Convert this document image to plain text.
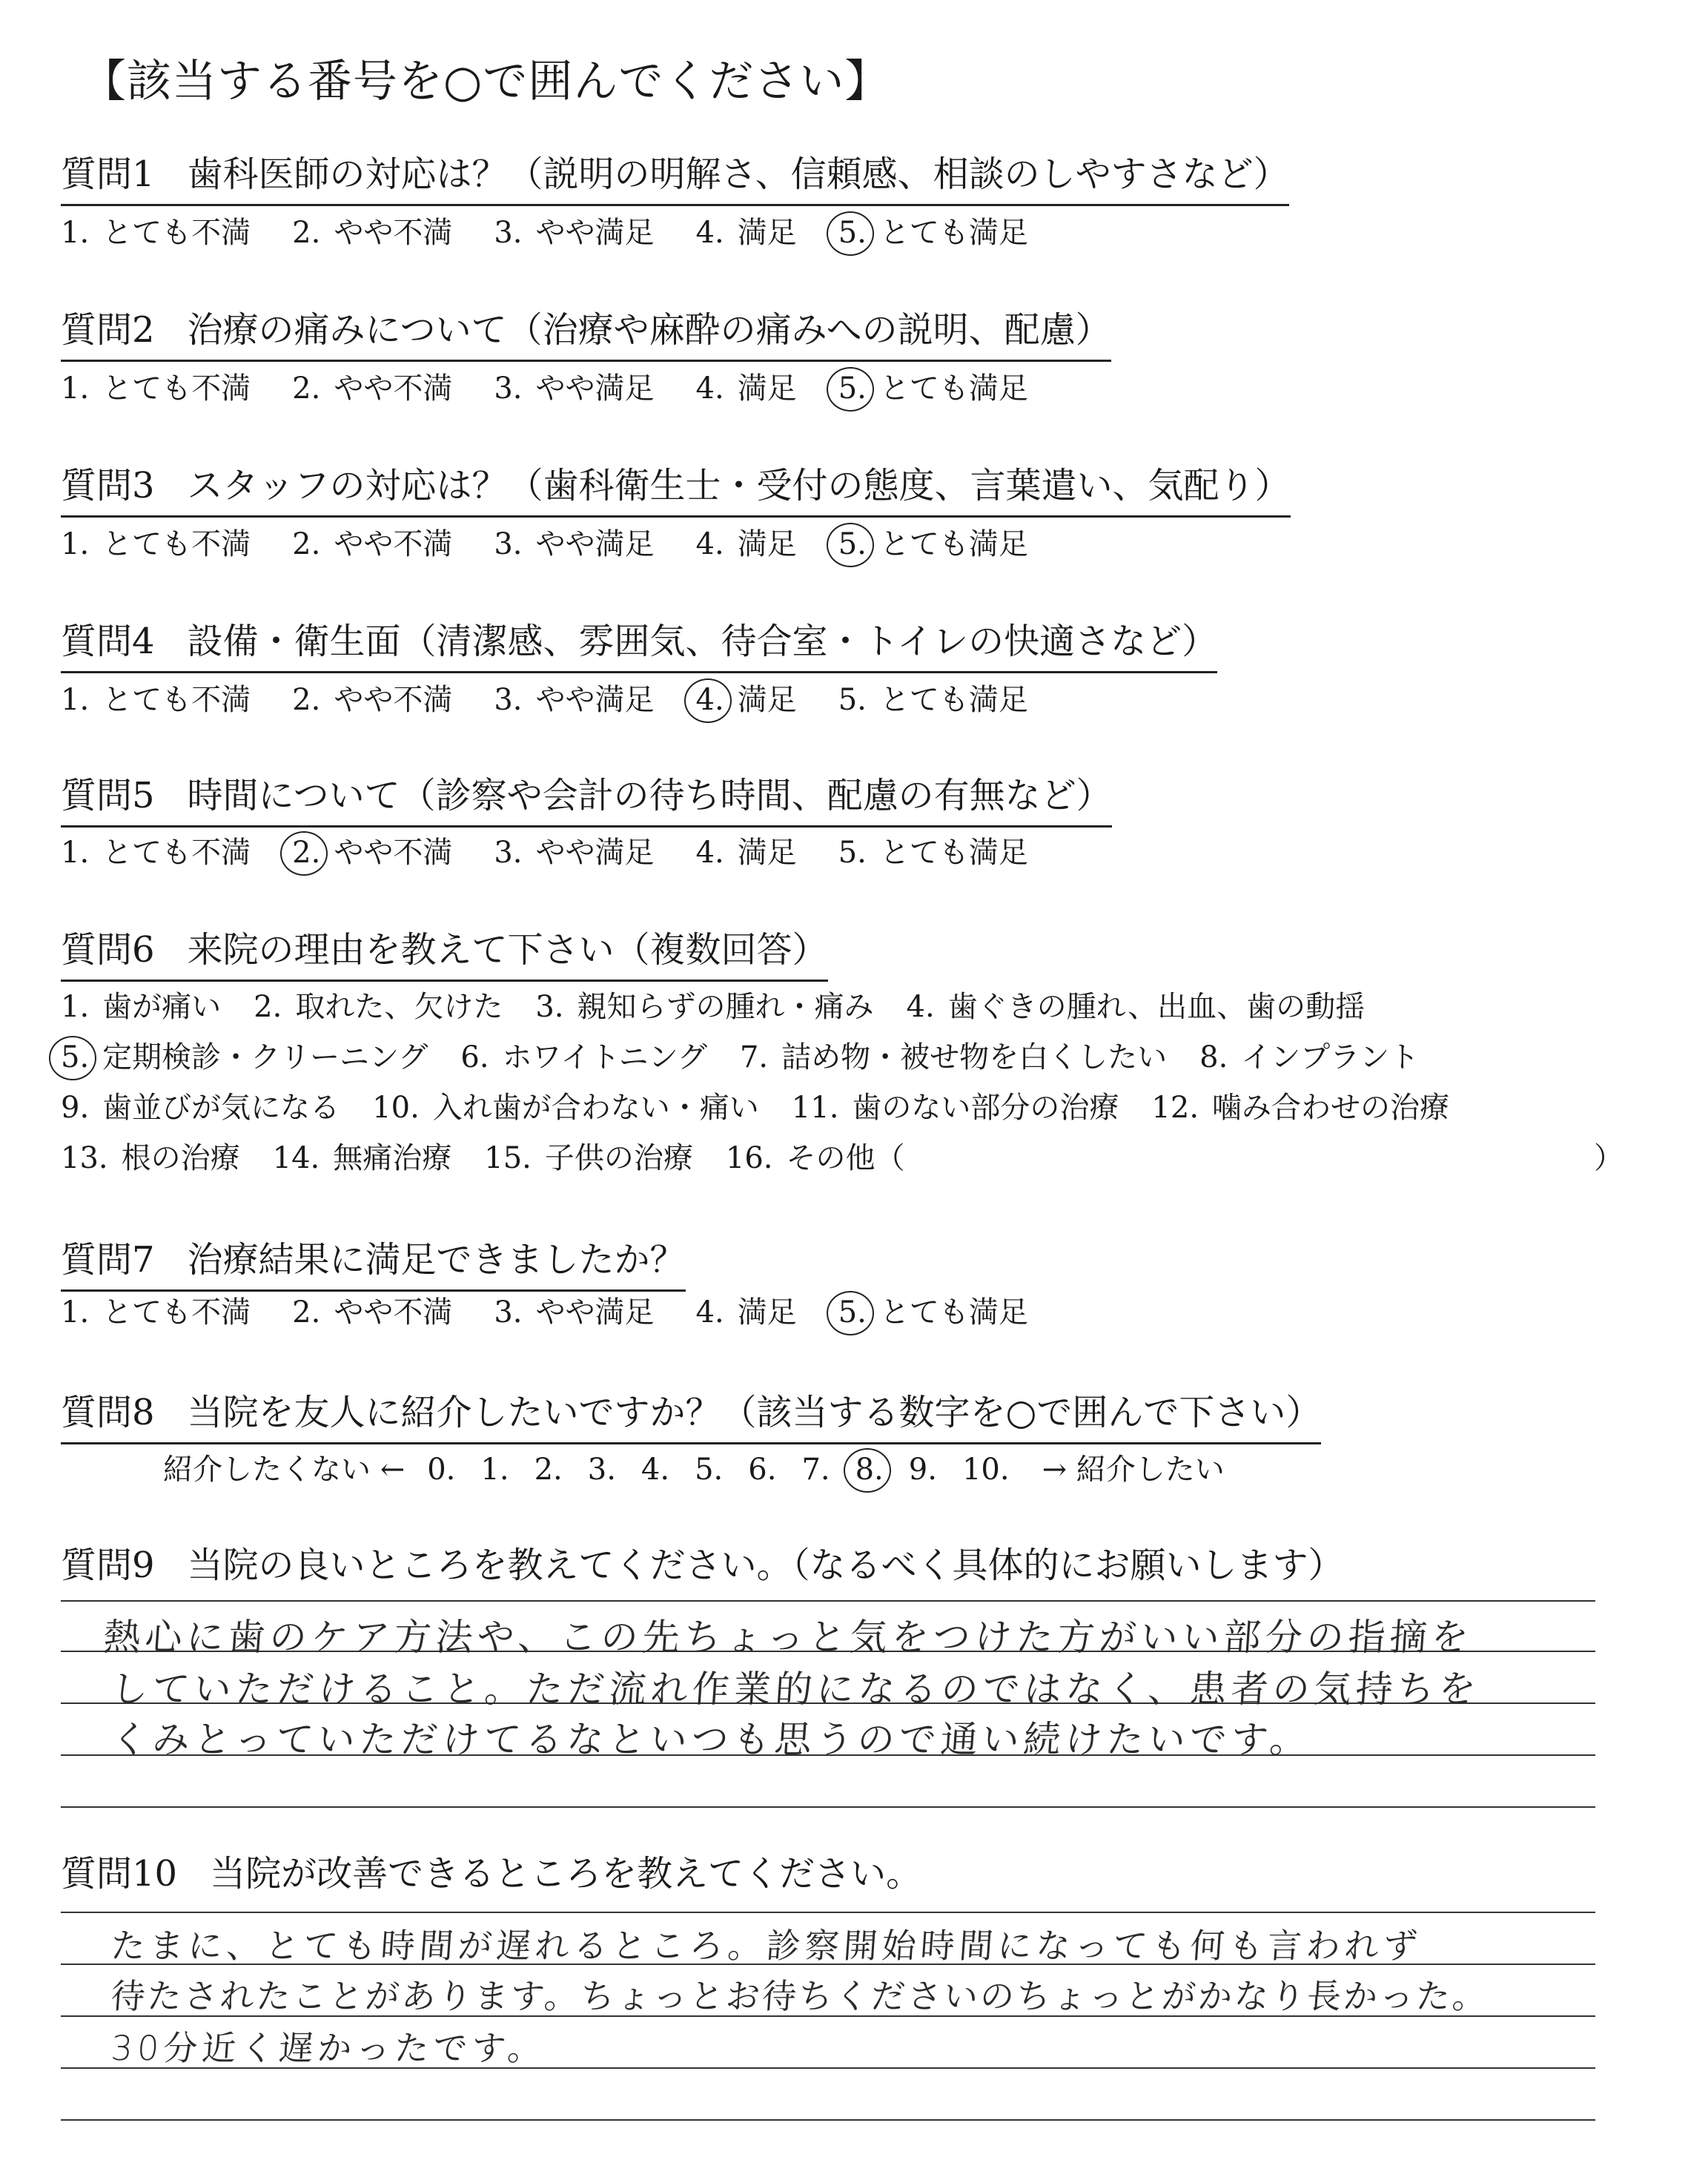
【該当する番号を○で囲んでください】
質問1 歯科医師の対応は？（説明の明解さ、信頼感、相談のしやすさなど）
1. とても不満 2. やや不満 3. やや満足 4. 満足 5. とても満足
質問2 治療の痛みについて（治療や麻酔の痛みへの説明、配慮）
1. とても不満 2. やや不満 3. やや満足 4. 満足 5. とても満足
質問3 スタッフの対応は？（歯科衛生士・受付の態度、言葉遣い、気配り）
1. とても不満 2. やや不満 3. やや満足 4. 満足 5. とても満足
質問4 設備・衛生面（清潔感、雰囲気、待合室・トイレの快適さなど）
1. とても不満 2. やや不満 3. やや満足 4. 満足 5. とても満足
質問5 時間について（診察や会計の待ち時間、配慮の有無など）
1. とても不満 2. やや不満 3. やや満足 4. 満足 5. とても満足
質問6 来院の理由を教えて下さい（複数回答）
1. 歯が痛い 2. 取れた、欠けた 3. 親知らずの腫れ・痛み 4. 歯ぐきの腫れ、出血、歯の動揺
5. 定期検診・クリーニング 6. ホワイトニング 7. 詰め物・被せ物を白くしたい 8. インプラント
9. 歯並びが気になる 10. 入れ歯が合わない・痛い 11. 歯のない部分の治療 12. 噛み合わせの治療
13. 根の治療 14. 無痛治療 15. 子供の治療 16. その他（	）
質問7 治療結果に満足できましたか？
1. とても不満 2. やや不満 3. やや満足 4. 満足 5. とても満足
質問8 当院を友人に紹介したいですか？（該当する数字を○で囲んで下さい）
紹介したくない ← 0. 1. 2. 3. 4. 5. 6. 7. 8. 9. 10. → 紹介したい
質問9 当院の良いところを教えてください。（なるべく具体的にお願いします）
熱心に歯のケア方法や、この先ちょっと気をつけた方がいい部分の指摘を
していただけること。ただ流れ作業的になるのではなく、患者の気持ちを
くみとっていただけてるなといつも思うので通い続けたいです。
質問10 当院が改善できるところを教えてください。
たまに、とても時間が遅れるところ。診察開始時間になっても何も言われず
待たされたことがあります。ちょっとお待ちくださいのちょっとがかなり長かった。
30分近く遅かったです。
